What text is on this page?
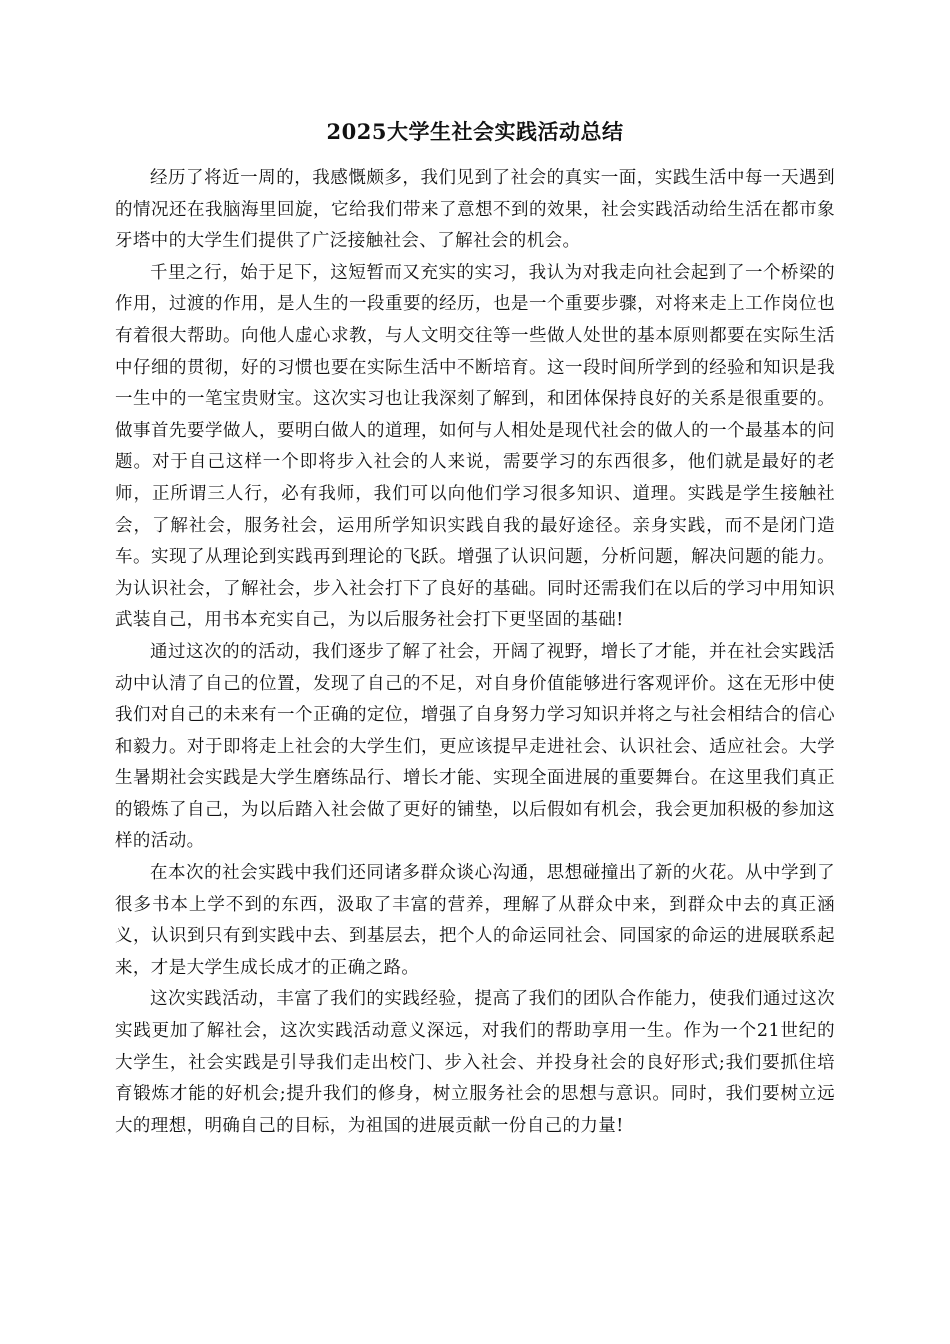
2025大学生社会实践活动总结

经历了将近一周的，我感慨颇多，我们见到了社会的真实一面，实践生活中每一天遇到的情况还在我脑海里回旋，它给我们带来了意想不到的效果，社会实践活动给生活在都市象牙塔中的大学生们提供了广泛接触社会、了解社会的机会。

千里之行，始于足下，这短暂而又充实的实习，我认为对我走向社会起到了一个桥梁的作用，过渡的作用，是人生的一段重要的经历，也是一个重要步骤，对将来走上工作岗位也有着很大帮助。向他人虚心求教，与人文明交往等一些做人处世的基本原则都要在实际生活中仔细的贯彻，好的习惯也要在实际生活中不断培育。这一段时间所学到的经验和知识是我一生中的一笔宝贵财宝。这次实习也让我深刻了解到，和团体保持良好的关系是很重要的。做事首先要学做人，要明白做人的道理，如何与人相处是现代社会的做人的一个最基本的问题。对于自己这样一个即将步入社会的人来说，需要学习的东西很多，他们就是最好的老师，正所谓三人行，必有我师，我们可以向他们学习很多知识、道理。实践是学生接触社会，了解社会，服务社会，运用所学知识实践自我的最好途径。亲身实践，而不是闭门造车。实现了从理论到实践再到理论的飞跃。增强了认识问题，分析问题，解决问题的能力。为认识社会，了解社会，步入社会打下了良好的基础。同时还需我们在以后的学习中用知识武装自己，用书本充实自己，为以后服务社会打下更坚固的基础!

通过这次的的活动，我们逐步了解了社会，开阔了视野，增长了才能，并在社会实践活动中认清了自己的位置，发现了自己的不足，对自身价值能够进行客观评价。这在无形中使我们对自己的未来有一个正确的定位，增强了自身努力学习知识并将之与社会相结合的信心和毅力。对于即将走上社会的大学生们，更应该提早走进社会、认识社会、适应社会。大学生暑期社会实践是大学生磨练品行、增长才能、实现全面进展的重要舞台。在这里我们真正的锻炼了自己，为以后踏入社会做了更好的铺垫，以后假如有机会，我会更加积极的参加这样的活动。

在本次的社会实践中我们还同诸多群众谈心沟通，思想碰撞出了新的火花。从中学到了很多书本上学不到的东西，汲取了丰富的营养，理解了从群众中来，到群众中去的真正涵义，认识到只有到实践中去、到基层去，把个人的命运同社会、同国家的命运的进展联系起来，才是大学生成长成才的正确之路。

这次实践活动，丰富了我们的实践经验，提高了我们的团队合作能力，使我们通过这次实践更加了解社会，这次实践活动意义深远，对我们的帮助享用一生。作为一个21世纪的大学生，社会实践是引导我们走出校门、步入社会、并投身社会的良好形式;我们要抓住培育锻炼才能的好机会;提升我们的修身，树立服务社会的思想与意识。同时，我们要树立远大的理想，明确自己的目标，为祖国的进展贡献一份自己的力量!
